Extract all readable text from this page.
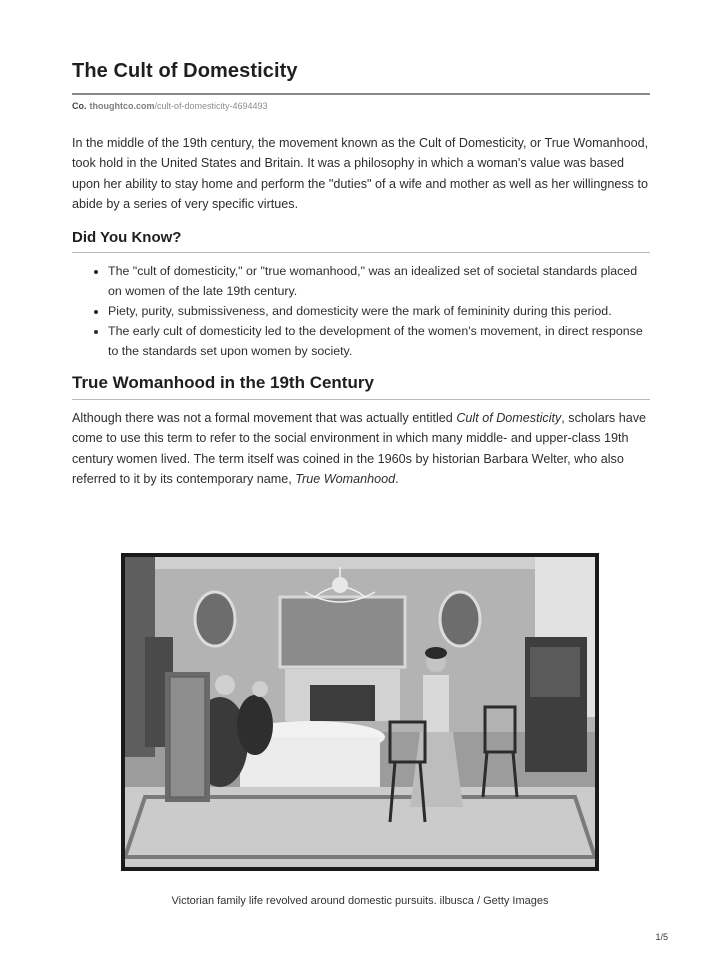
The Cult of Domesticity
Co. thoughtco.com /cult-of-domesticity-4694493

In the middle of the 19th century, the movement known as the Cult of Domesticity, or True Womanhood, took hold in the United States and Britain. It was a philosophy in which a woman's value was based upon her ability to stay home and perform the "duties" of a wife and mother as well as her willingness to abide by a series of very specific virtues.

Did You Know?
• The "cult of domesticity," or "true womanhood," was an idealized set of societal standards placed on women of the late 19th century.
• Piety, purity, submissiveness, and domesticity were the mark of femininity during this period.
• The early cult of domesticity led to the development of the women's movement, in direct response to the standards set upon women by society.
True Womanhood in the 19th Century

Although there was not a formal movement that was actually entitled Cult of Domesticity, scholars have come to use this term to refer to the social environment in which many middle- and upper-class 19th century women lived. The term itself was coined in the 1960s by historian Barbara Welter, who also referred to it by its contemporary name, True Womanhood.

Victorian family life revolved around domestic pursuits. ilbusca / Getty Images
1/5
